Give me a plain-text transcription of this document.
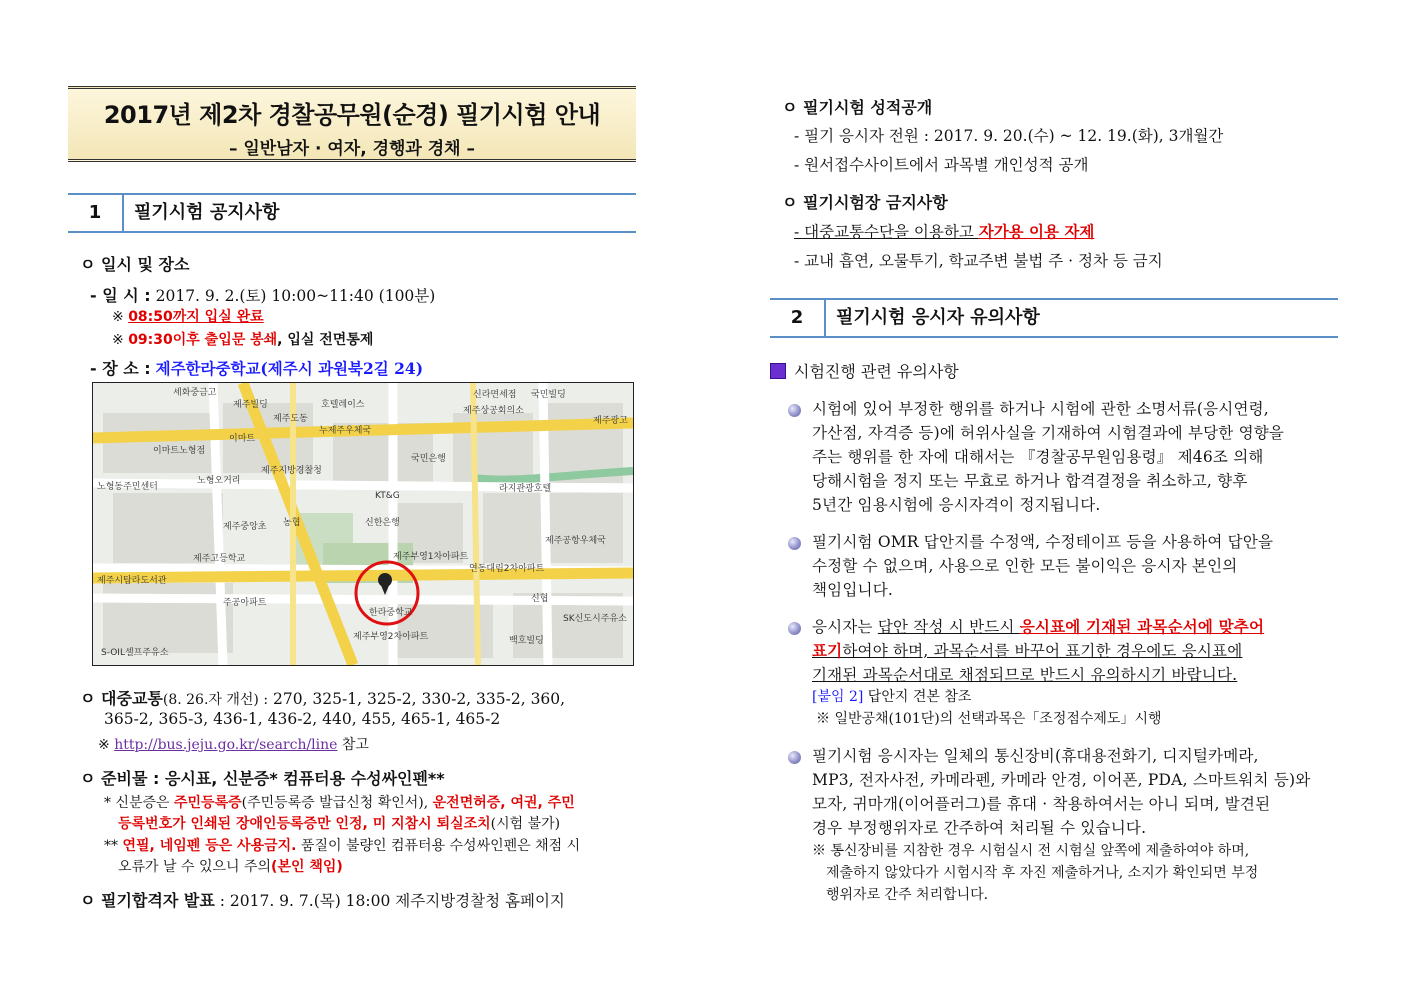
2017년 제2차 경찰공무원(순경) 필기시험 안내
– 일반남자 · 여자, 경행과 경채 –
1	필기시험 공지사항
ㅇ 일시 및 장소
- 일 시 : 2017. 9. 2.(토) 10:00~11:40 (100분)
※ 08:50까지 입실 완료
※ 09:30이후 출입문 봉쇄, 입실 전면통제
- 장 소 : 제주한라중학교(제주시 과원북2길 24)
세화중금고
제주빌딩	호텔레이스
제주도동
국민빌딩
제주상공회의소
이마트
누제주우체국
신라면세점
이마트노형점
노형오거리
제주지방경찰청
국민은행
KT&G
라지관광호텔
신한은행
농협
노형동주민센터
제주중앙초
한라중학교
제주부영1차아파트
연동대림2차아파트
제주고등학교
제주시탑라도서관
주공아파트
제주부영2차아파트
S-OIL셀프주유소
SK신도시주유소
백호빌딩
제주공항우체국
신협
제주광고
ㅇ 대중교통(8. 26.자 개선) : 270, 325-1, 325-2, 330-2, 335-2, 360,
365-2, 365-3, 436-1, 436-2, 440, 455, 465-1, 465-2
※ http://bus.jeju.go.kr/search/line 참고
ㅇ 준비물 : 응시표, 신분증* 컴퓨터용 수성싸인펜**
* 신분증은 주민등록증(주민등록증 발급신청 확인서), 운전면허증, 여권, 주민
등록번호가 인쇄된 장애인등록증만 인정, 미 지참시 퇴실조치(시험 불가)
** 연필, 네임펜 등은 사용금지. 품질이 불량인 컴퓨터용 수성싸인펜은 채점 시
오류가 날 수 있으니 주의(본인 책임)
ㅇ 필기합격자 발표 : 2017. 9. 7.(목) 18:00 제주지방경찰청 홈페이지
ㅇ 필기시험 성적공개
- 필기 응시자 전원 : 2017. 9. 20.(수) ~ 12. 19.(화), 3개월간
- 원서접수사이트에서 과목별 개인성적 공개
ㅇ 필기시험장 금지사항
- 대중교통수단을 이용하고 자가용 이용 자제
- 교내 흡연, 오물투기, 학교주변 불법 주 · 정차 등 금지
2	필기시험 응시자 유의사항
시험진행 관련 유의사항
시험에 있어 부정한 행위를 하거나 시험에 관한 소명서류(응시연령,
가산점, 자격증 등)에 허위사실을 기재하여 시험결과에 부당한 영향을
주는 행위를 한 자에 대해서는 『경찰공무원임용령』 제46조 의해
당해시험을 정지 또는 무효로 하거나 합격결정을 취소하고, 향후
5년간 임용시험에 응시자격이 정지됩니다.
필기시험 OMR 답안지를 수정액, 수정테이프 등을 사용하여 답안을
수정할 수 없으며, 사용으로 인한 모든 불이익은 응시자 본인의
책임입니다.
응시자는 답안 작성 시 반드시 응시표에 기재된 과목순서에 맞추어
표기하여야 하며, 과목순서를 바꾸어 표기한 경우에도 응시표에
기재된 과목순서대로 채점되므로 반드시 유의하시기 바랍니다.
[붙임 2] 답안지 견본 참조
※ 일반공채(101단)의 선택과목은「조정점수제도」시행
필기시험 응시자는 일체의 통신장비(휴대용전화기, 디지털카메라,
MP3, 전자사전, 카메라펜, 카메라 안경, 이어폰, PDA, 스마트워치 등)와
모자, 귀마개(이어플러그)를 휴대 · 착용하여서는 아니 되며, 발견된
경우 부정행위자로 간주하여 처리될 수 있습니다.
※ 통신장비를 지참한 경우 시험실시 전 시험실 앞쪽에 제출하여야 하며,
제출하지 않았다가 시험시작 후 자진 제출하거나, 소지가 확인되면 부정
행위자로 간주 처리합니다.
